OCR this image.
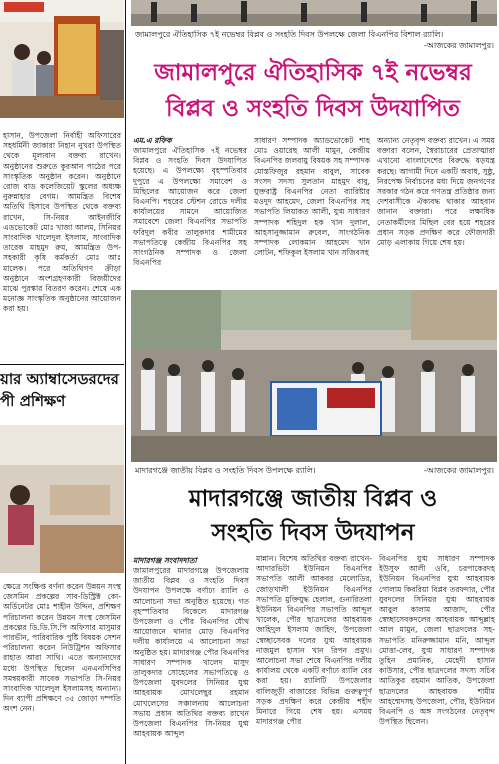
হাসান, উপজেলা নির্বাহী অফিসারের সহধর্মিনী জাকারা নিহান নুখরা উপস্থিত থেকে মূল্যবান বক্তব্য রাখেন। অনুষ্ঠানের শুরুতে কুরআন পাঠের পরে সাংস্কৃতিক অনুষ্ঠান করেন। অনুষ্ঠানে রোজ বাড কলেজিয়েট স্কুলের অধ্যক্ষ নুরুন্নাহার বেগম। আমন্ত্রিত বিশেষ অতিথি হিসাবে উপস্থিত থেকে বক্তব্য রাখেন, সি-নিয়র আইনজীবি এডভোকেট মোঃ খাজা আলম, সিনিয়র সাংবাদিক খালেদুল ইসলাম, সাংবাদিক তারেক মাহমুদ রুম, আমন্ত্রিত উপ-সহকারী কৃষি কর্মকর্তা মোঃ আঃ মালেক। পরে অতিথিগণ ক্রীড়া অনুষ্ঠানে অংশগ্রহণকারী বিজয়ীদের মাঝে পুরস্কার বিতরণ করেন। শেষে এক মনোজ্ঞ সাংস্কৃতিক অনুষ্ঠানের আয়োজন করা হয়।
য়ার অ্যাম্বাসেডরদের
পী প্রশিক্ষণ
ক্ষেত্রে সংক্ষিপ্ত বর্ণনা করেন উন্নয়ন সংস্থ জেসমিন প্রকল্পের সাব-ডিস্ট্রিক্ট কো-অর্ডিনেটর মোঃ শাহীন উদ্দিন, প্রশিক্ষণ পরিচালনা করেন উন্নয়ন সংস্থ জেসমিন প্রকল্পের ডি.ডি.সি.পি অফিসার মাসুমার পারভীন, পারিবারিক পুষ্টি বিষয়ক সেশন পরিচালনা করেন নিউট্রিশন অফিসার রাহাত আরা সাথি। এতে অন্যান্যদের মধ্যে উপস্থিত ছিলেন এনএনসিপির সমন্বয়কারী সাবেক সভাপতি সি-নিয়র সাংবাদিক খালেদুল ইসলামসহ অন্যান্য। দিন ব্যাপী প্রশিক্ষণে ৩৫ জোড়া দম্পতি অংশ নেন।
জামালপুরে ঐতিহাসিক ৭ই নভেম্বর বিপ্লব ও সংহতি দিবস উপলক্ষে জেলা বিএনপির বিশাল র‍্যালি।
-আজকের জামালপুর।
জামালপুরে ঐতিহাসিক ৭ই নভেম্বর
বিপ্লব ও সংহতি দিবস উদযাপিত
এম.এ রফিক
জামালপুরে ঐতিহাসিক ৭ই নভেম্বর বিপ্লব ও সংহতি দিবস উদযাপিত হয়েছে। এ উপলক্ষ্যে বৃহস্পতিবার দুপুরে এ উপলক্ষ্যে সমাবেশ ও মিছিলের আয়োজন করে জেলা বিএনপি। শহরের স্টেশন রোডে দলীয় কার্যালয়ের সামনে আয়োজিত সমাবেশে জেলা বিএনপির সভাপতি ফরিদুল কবীর তালুকদার শামীমের সভাপতিত্বে কেন্দ্রীয় বিএনপির সহ সাংগঠনিক সম্পাদক ও জেলা বিএনপির
সাধারণ সম্পাদক অ্যাডভোকেট শাহ মোঃ ওয়ারেছ আলী মামুন, কেন্দ্রীয় বিএনপির জলবায়ু বিষয়ক সহ সম্পাদক মোস্তফিজুর রহমান বাবুল, সাবেক সংসদ সদস্য সুলতান মাহমুদ বাবু, যুক্তরাষ্ট্র বিএনপির নেতা ব্যারিষ্টার মওদুদ আহমেদ, জেলা বিএনপির সহ সভাপতি লিয়াকত আলী, যুগ্ম সাধারণ সম্পাদক শহিদুল হক খান দুলাল, আহসানুজ্জামান রুবেল, সাংগঠনিক সম্পাদক লোকমান আহমেদ খান লোটন, শফিকুল ইসলাম খান সজিবসহ
অন্যান্য নেতৃবৃন্দ বক্তব্য রাখেন। এ সময় বক্তারা বলেন, স্বৈরাচারের প্রেতাত্মারা এখানো বাংলাদেশের বিরুদ্ধে ষড়যন্ত্র করছে। আগামী দিনে একটি অবাধ, সুষ্ঠু, নিরপেক্ষ নির্বাচনের মধ্য দিয়ে জনগণের সরকার গঠন করে গণতন্ত্র প্রতিষ্ঠার জন্য দেশবাসীকে ঐক্যবদ্ধ থাকার আহবান জানান বক্তারা। পরে লক্ষাধিক নেতাকর্মীদের মিছিল বের হয়ে শহরের প্রধান সড়ক প্রদক্ষিণ করে ফৌজদারী মোড় এলাকায় গিয়ে শেষ হয়।
মাদারগঞ্জে জাতীয় বিপ্লব ও সংহতি দিবস উপলক্ষে র‍্যালি।	-আজকের জামালপুর।
মাদারগঞ্জে জাতীয় বিপ্লব ও
সংহতি দিবস উদযাপন
মাদারগঞ্জ সংবাদদাতা
জামালপুরের মাদারগঞ্জে উপজেলায় জাতীয় বিপ্লব ও সংহতি দিবস উদযাপন উপলক্ষে বর্ণাঢ্য র‍্যালি ও আলোচনা সভা অনুষ্ঠিত হয়েছে। গত বৃহস্পতিবার বিকেলে মাদারগঞ্জ উপজেলা ও পৌর বিএনপির যৌথ আয়োজনে থানার মোড় বিএনপির দলীয় কার্যালয়ে এ আলোচনা সভা অনুষ্ঠিত হয়। মাদারগঞ্জ পৌর বিএনপির সাধারণ সম্পাদক খালেদ মাসুদ তালুকদার সোহেলের সভাপতিত্বে ও উপজেলা যুবদলের সিনিয়র যুগ্ম আহবায়ক মোখলেছুর রহমান মোখলেসের সঞ্চালনায় আলোচনা সভায় প্রধান অতিথির বক্তব্য রাখেন উপজেলা বিএনপির সি-নিয়র যুগ্ম আহবায়ক আব্দুল
মান্নান। বিশেষ অতিথির বক্তব্য রাখেন- আদারভিটা ইউনিয়ন বিএনপির সভাপতি আলী আকবর মেলোডির, জোড়খালী ইউনিয়ন বিএনপির সভাপতি মুক্তিযুদ্ধ হেলাল, গুনারিতলা ইউনিয়ন বিএনপির সভাপতি আব্দুল খালেক, পৌর ছাত্রদলের আহবায়ক জাহিদুল ইসলাম জাহিদ, উপজেলা স্বেচ্ছাসেবক দলের যুগ্ম আহবায়ক নাজমুল হাসান খান রিপন প্রমুখ। আলোচনা সভা শেষে বিএনপির দলীয় কার্যালয় থেকে একটি বর্ণাঢ্য র‍্যালি বের করা হয়। র‍্যালিটি উপজেলার বালিজুড়ী বাজারের বিভিন্ন গুরুত্বপূর্ণ সড়ক প্রদক্ষিণ করে কেন্দ্রীয় শহীদ মিনারে গিয়ে শেষ হয়। এসময় মাদারগঞ্জ পৌর
বিএনপির যুগ্ম সাধারণ সম্পাদক ইউসুফ আলী ওবি, চরপাকেরদহ ইউনিয়ন বিএনপির যুগ্ম আহবায়ক গোলাম কিবরিয়া বিপ্লব তরফদার, পৌর যুবদলের সিনিয়র যুগ্ম আহবায়ক আবুল কালাম আজাদ, পৌর স্বেচ্ছাসেবকদলের আহবায়ক আব্দুল্লাহ আল মামুন, জেলা ছাত্রদলের সহ-সভাপতি মনিরুজ্জামান মনি, আব্দুল মোত্তা-লেব, যুগ্ম সাধারণ সম্পাদক তুহিন প্রমানিক, মেহেদী হাসান কাউসার, পৌর ছাত্রদলের সদস্য সচিব আতিকুর রহমান আতিক, উপজেলা ছাত্রদলের আহবায়ক শামীম আহম্মেদসহ উপজেলা, পৌর, ইউনিয়ন বিএনপি ও অঙ্গ সংগঠনের নেতৃবৃন্দ উপস্থিত ছিলেন।
